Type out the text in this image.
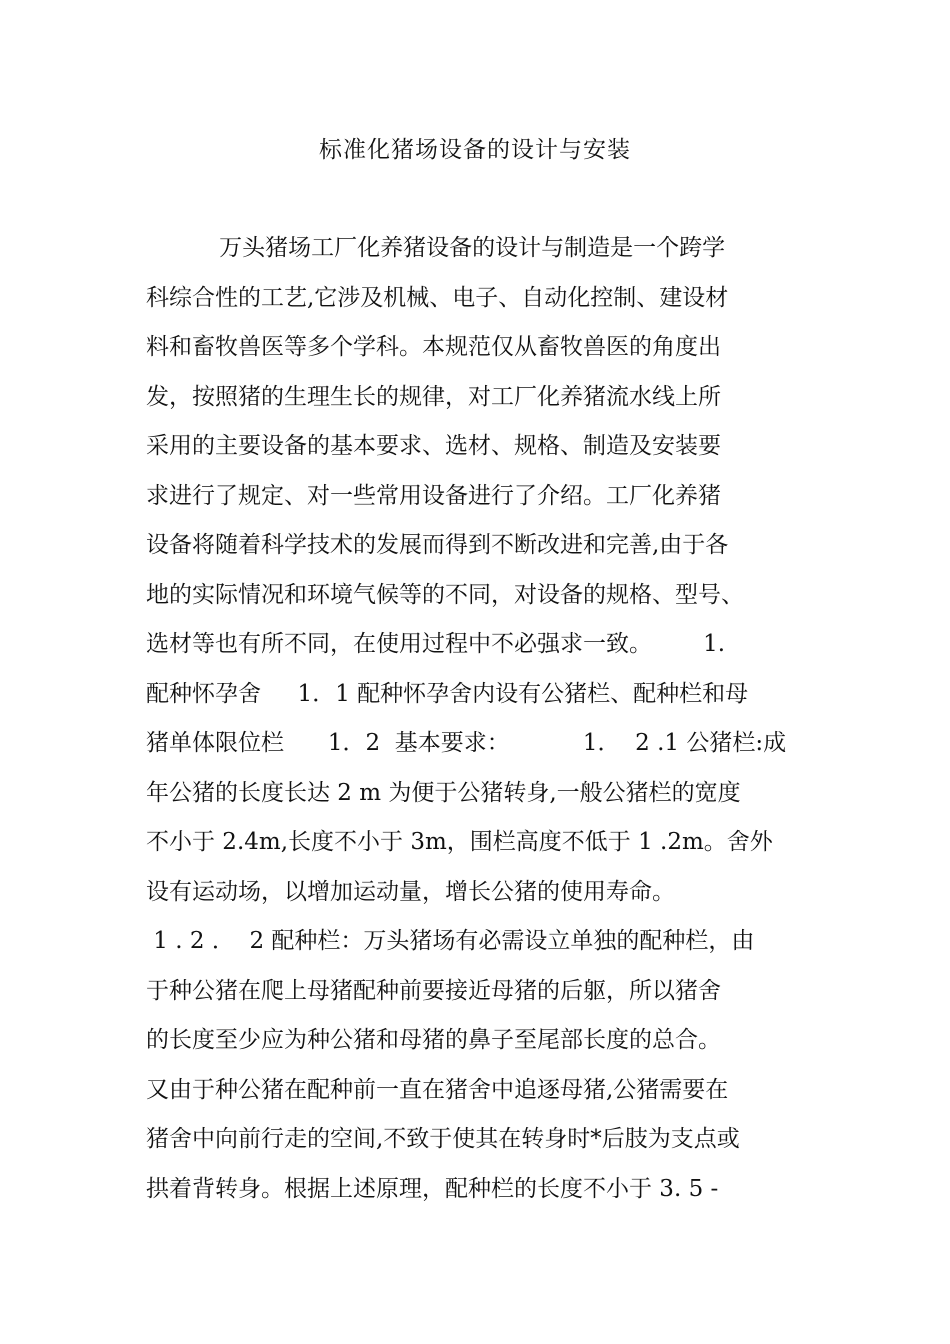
标准化猪场设备的设计与安装
万头猪场工厂化养猪设备的设计与制造是一个跨学
科综合性的工艺,它涉及机械、电子、自动化控制、建设材
料和畜牧兽医等多个学科。本规范仅从畜牧兽医的角度出
发，按照猪的生理生长的规律，对工厂化养猪流水线上所
采用的主要设备的基本要求、选材、规格、制造及安装要
求进行了规定、对一些常用设备进行了介绍。工厂化养猪
设备将随着科学技术的发展而得到不断改进和完善,由于各
地的实际情况和环境气候等的不同，对设备的规格、型号、
选材等也有所不同，在使用过程中不必强求一致。       1.
配种怀孕舍     1．1 配种怀孕舍内设有公猪栏、配种栏和母
猪单体限位栏      1．2  基本要求：          1．  2 .1 公猪栏:成
年公猪的长度长达 2 m 为便于公猪转身,一般公猪栏的宽度
不小于 2.4m,长度不小于 3m，围栏高度不低于 1 .2m。舍外
设有运动场，以增加运动量，增长公猪的使用寿命。
1 . 2 ．  2 配种栏：万头猪场有必需设立单独的配种栏，由
于种公猪在爬上母猪配种前要接近母猪的后躯，所以猪舍
的长度至少应为种公猪和母猪的鼻子至尾部长度的总合。
又由于种公猪在配种前一直在猪舍中追逐母猪,公猪需要在
猪舍中向前行走的空间,不致于使其在转身时*后肢为支点或
拱着背转身。根据上述原理，配种栏的长度不小于 3. 5 -
